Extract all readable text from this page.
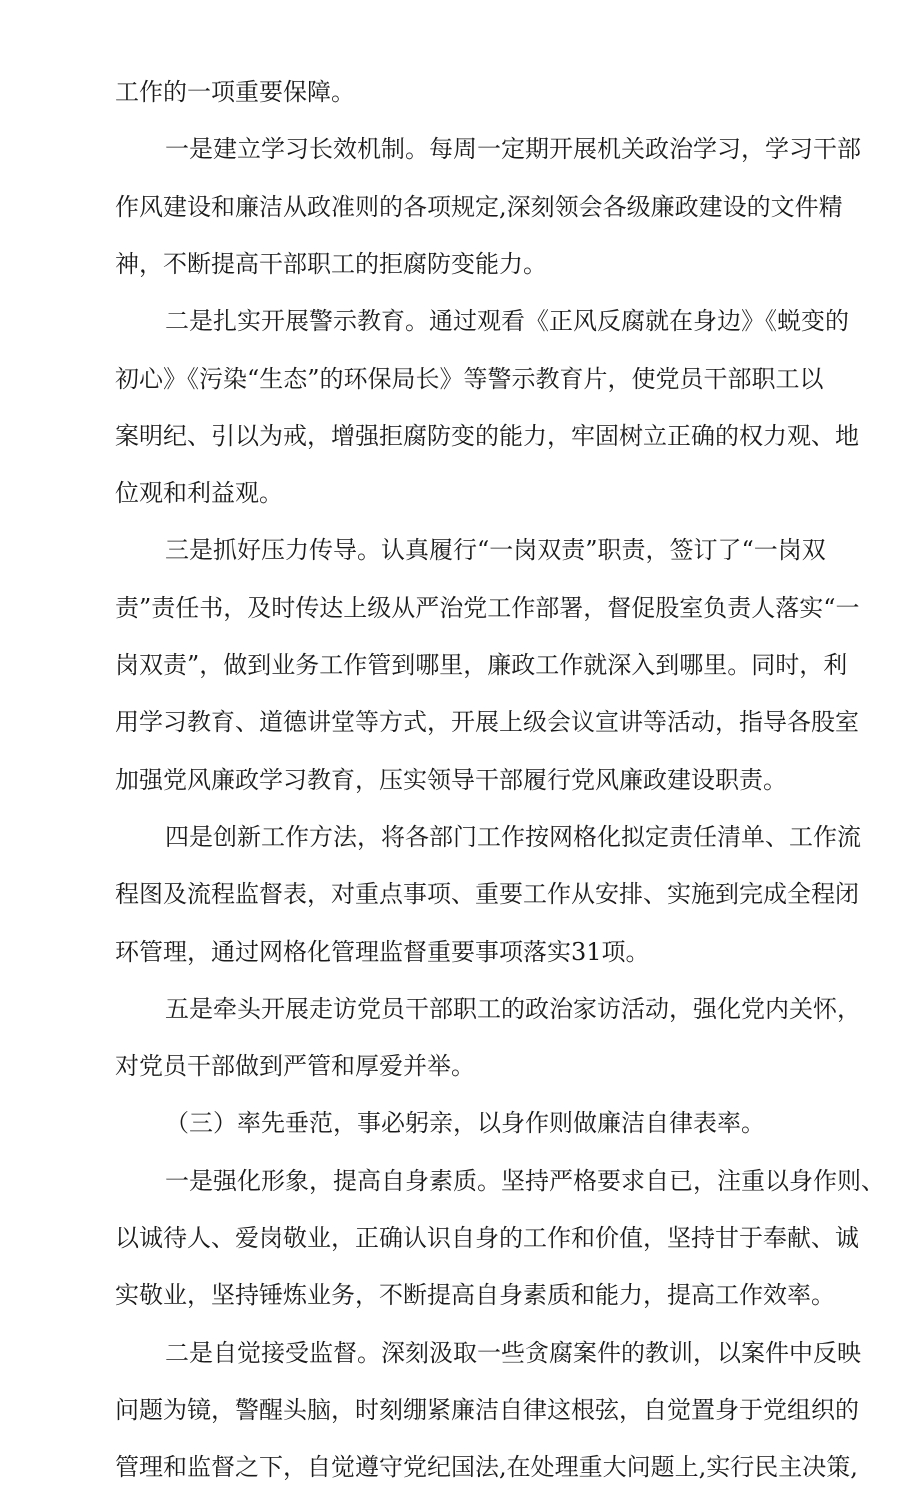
工作的一项重要保障。
一是建立学习长效机制。每周一定期开展机关政治学习，学习干部
作风建设和廉洁从政准则的各项规定,深刻领会各级廉政建设的文件精
神，不断提高干部职工的拒腐防变能力。
二是扎实开展警示教育。通过观看《正风反腐就在身边》《蜕变的
初心》《污染“生态”的环保局长》等警示教育片，使党员干部职工以
案明纪、引以为戒，增强拒腐防变的能力，牢固树立正确的权力观、地
位观和利益观。
三是抓好压力传导。认真履行“一岗双责”职责，签订了“一岗双
责”责任书，及时传达上级从严治党工作部署，督促股室负责人落实“一
岗双责”，做到业务工作管到哪里，廉政工作就深入到哪里。同时，利
用学习教育、道德讲堂等方式，开展上级会议宣讲等活动，指导各股室
加强党风廉政学习教育，压实领导干部履行党风廉政建设职责。
四是创新工作方法，将各部门工作按网格化拟定责任清单、工作流
程图及流程监督表，对重点事项、重要工作从安排、实施到完成全程闭
环管理，通过网格化管理监督重要事项落实31项。
五是牵头开展走访党员干部职工的政治家访活动，强化党内关怀，
对党员干部做到严管和厚爱并举。
（三）率先垂范，事必躬亲，以身作则做廉洁自律表率。
一是强化形象，提高自身素质。坚持严格要求自已，注重以身作则、
以诚待人、爱岗敬业，正确认识自身的工作和价值，坚持甘于奉献、诚
实敬业，坚持锤炼业务，不断提高自身素质和能力，提高工作效率。
二是自觉接受监督。深刻汲取一些贪腐案件的教训，以案件中反映
问题为镜，警醒头脑，时刻绷紧廉洁自律这根弦，自觉置身于党组织的
管理和监督之下，自觉遵守党纪国法,在处理重大问题上,实行民主决策,
